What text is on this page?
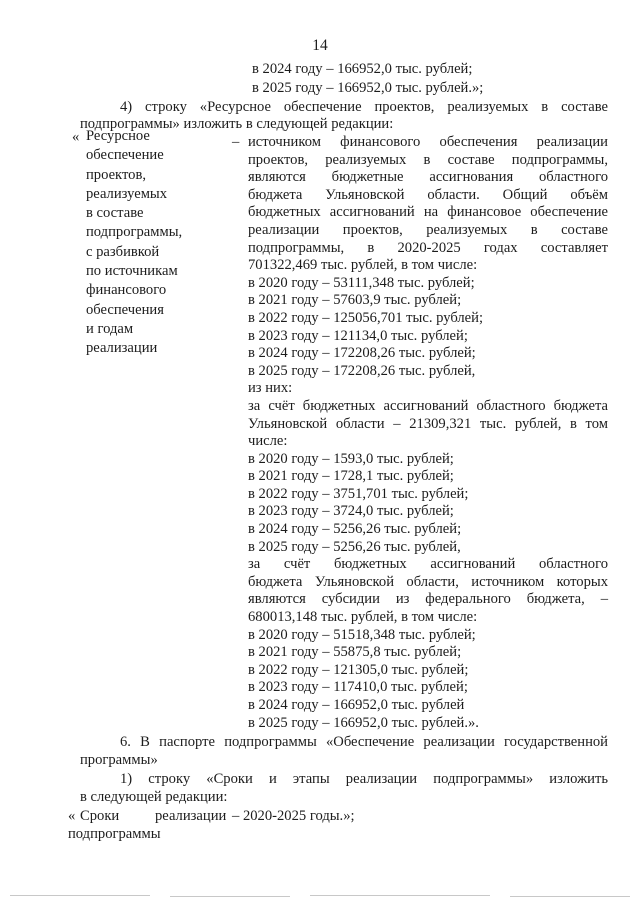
14
в 2024 году – 166952,0 тыс. рублей;
в 2025 году – 166952,0 тыс. рублей.»;
4) строку «Ресурсное обеспечение проектов, реализуемых в составе
подпрограммы» изложить в следующей редакции:
«	–
Ресурсное
обеспечение
проектов,
реализуемых
в составе
подпрограммы,
с разбивкой
по источникам
финансового
обеспечения
и годам
реализации
источником финансового обеспечения реализации
проектов, реализуемых в составе подпрограммы,
являются бюджетные ассигнования областного
бюджета Ульяновской области. Общий объём
бюджетных ассигнований на финансовое обеспечение
реализации проектов, реализуемых в составе
подпрограммы, в 2020-2025 годах составляет
701322,469 тыс. рублей, в том числе:
в 2020 году – 53111,348 тыс. рублей;
в 2021 году – 57603,9 тыс. рублей;
в 2022 году – 125056,701 тыс. рублей;
в 2023 году – 121134,0 тыс. рублей;
в 2024 году – 172208,26 тыс. рублей;
в 2025 году – 172208,26 тыс. рублей,
из них:
за счёт бюджетных ассигнований областного бюджета
Ульяновской области – 21309,321 тыс. рублей, в том
числе:
в 2020 году – 1593,0 тыс. рублей;
в 2021 году – 1728,1 тыс. рублей;
в 2022 году – 3751,701 тыс. рублей;
в 2023 году – 3724,0 тыс. рублей;
в 2024 году – 5256,26 тыс. рублей;
в 2025 году – 5256,26 тыс. рублей,
за счёт бюджетных ассигнований областного
бюджета Ульяновской области, источником которых
являются субсидии из федерального бюджета, –
680013,148 тыс. рублей, в том числе:
в 2020 году – 51518,348 тыс. рублей;
в 2021 году – 55875,8 тыс. рублей;
в 2022 году – 121305,0 тыс. рублей;
в 2023 году – 117410,0 тыс. рублей;
в 2024 году – 166952,0 тыс. рублей
в 2025 году – 166952,0 тыс. рублей.».
6. В паспорте подпрограммы «Обеспечение реализации государственной
программы»
1) строку «Сроки и этапы реализации подпрограммы» изложить
в следующей редакции:
« Сроки реализации – 2020-2025 годы.»;
подпрограммы
